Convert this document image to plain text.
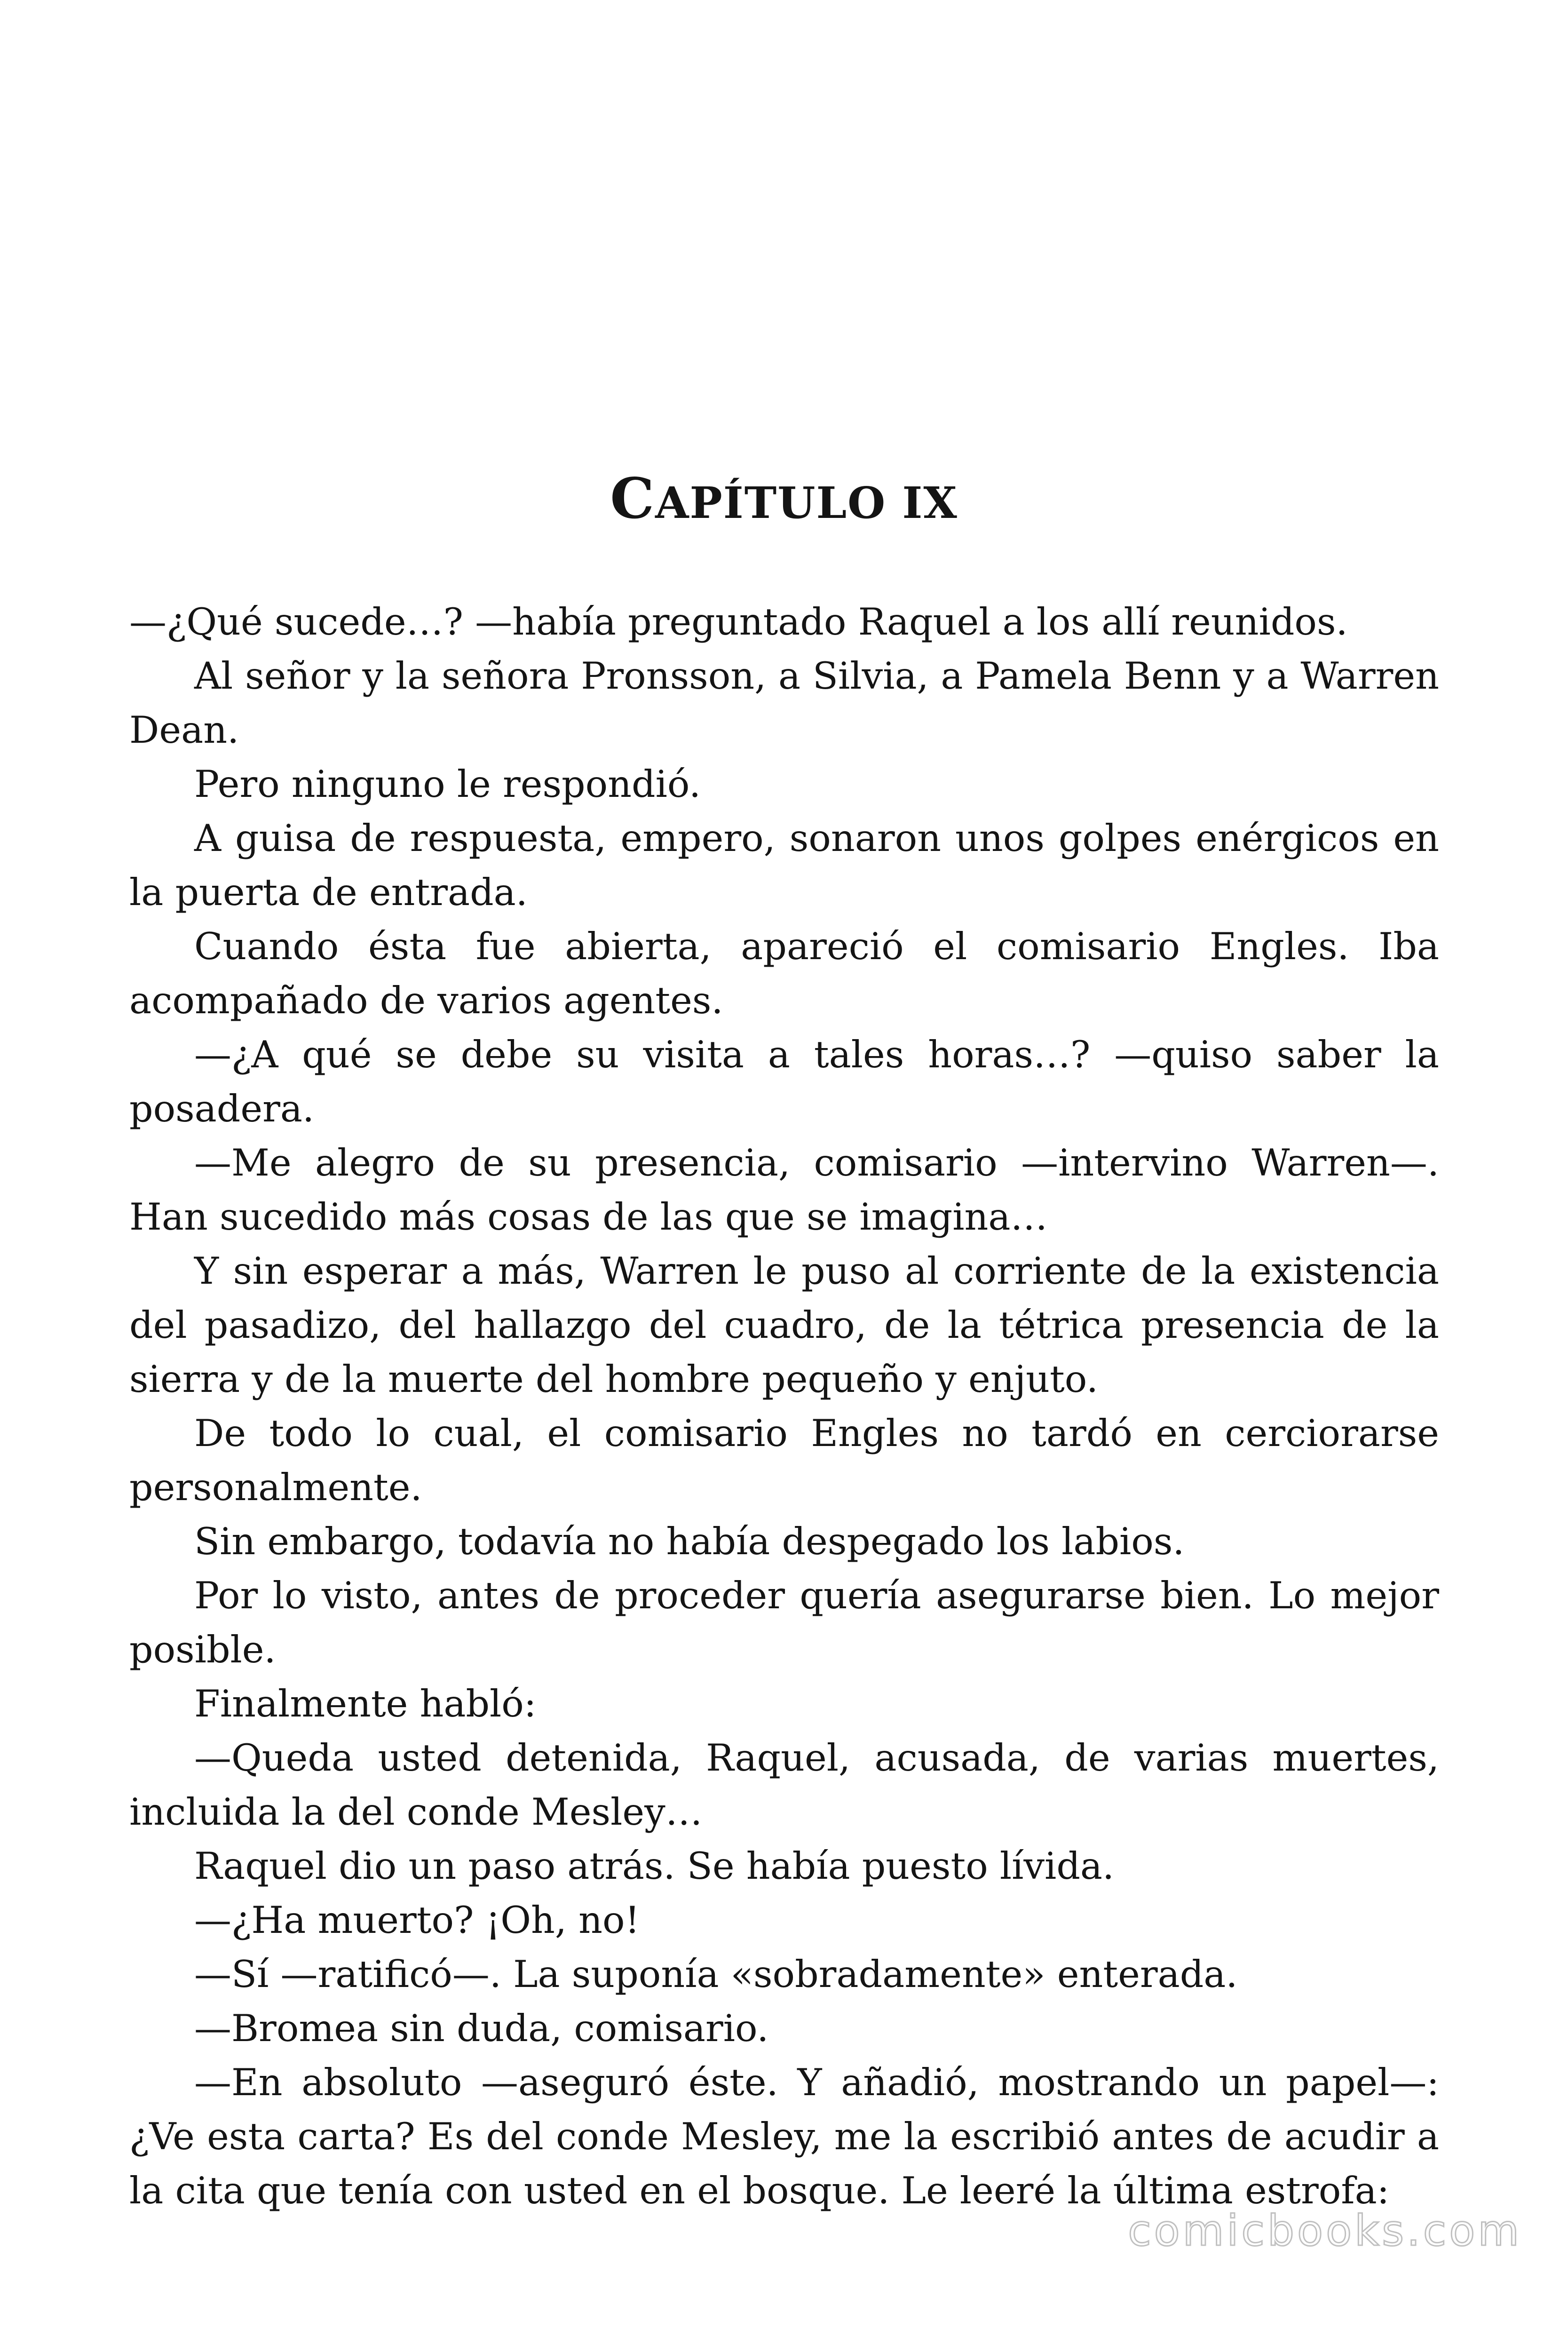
CAPÍTULO IX

—¿Qué sucede…? —había preguntado Raquel a los allí reunidos.

Al señor y la señora Pronsson, a Silvia, a Pamela Benn y a Warren Dean.

Pero ninguno le respondió.

A guisa de respuesta, empero, sonaron unos golpes enérgicos en la puerta de entrada.

Cuando ésta fue abierta, apareció el comisario Engles. Iba acompañado de varios agentes.

—¿A qué se debe su visita a tales horas…? —quiso saber la posadera.

—Me alegro de su presencia, comisario —intervino Warren—. Han sucedido más cosas de las que se imagina…

Y sin esperar a más, Warren le puso al corriente de la existencia del pasadizo, del hallazgo del cuadro, de la tétrica presencia de la sierra y de la muerte del hombre pequeño y enjuto.

De todo lo cual, el comisario Engles no tardó en cerciorarse personalmente.

Sin embargo, todavía no había despegado los labios.

Por lo visto, antes de proceder quería asegurarse bien. Lo mejor posible.

Finalmente habló:

—Queda usted detenida, Raquel, acusada, de varias muertes, incluida la del conde Mesley…

Raquel dio un paso atrás. Se había puesto lívida.

—¿Ha muerto? ¡Oh, no!

—Sí —ratificó—. La suponía «sobradamente» enterada.

—Bromea sin duda, comisario.

—En absoluto —aseguró éste. Y añadió, mostrando un papel—: ¿Ve esta carta? Es del conde Mesley, me la escribió antes de acudir a la cita que tenía con usted en el bosque. Le leeré la última estrofa:

comicbooks.com
